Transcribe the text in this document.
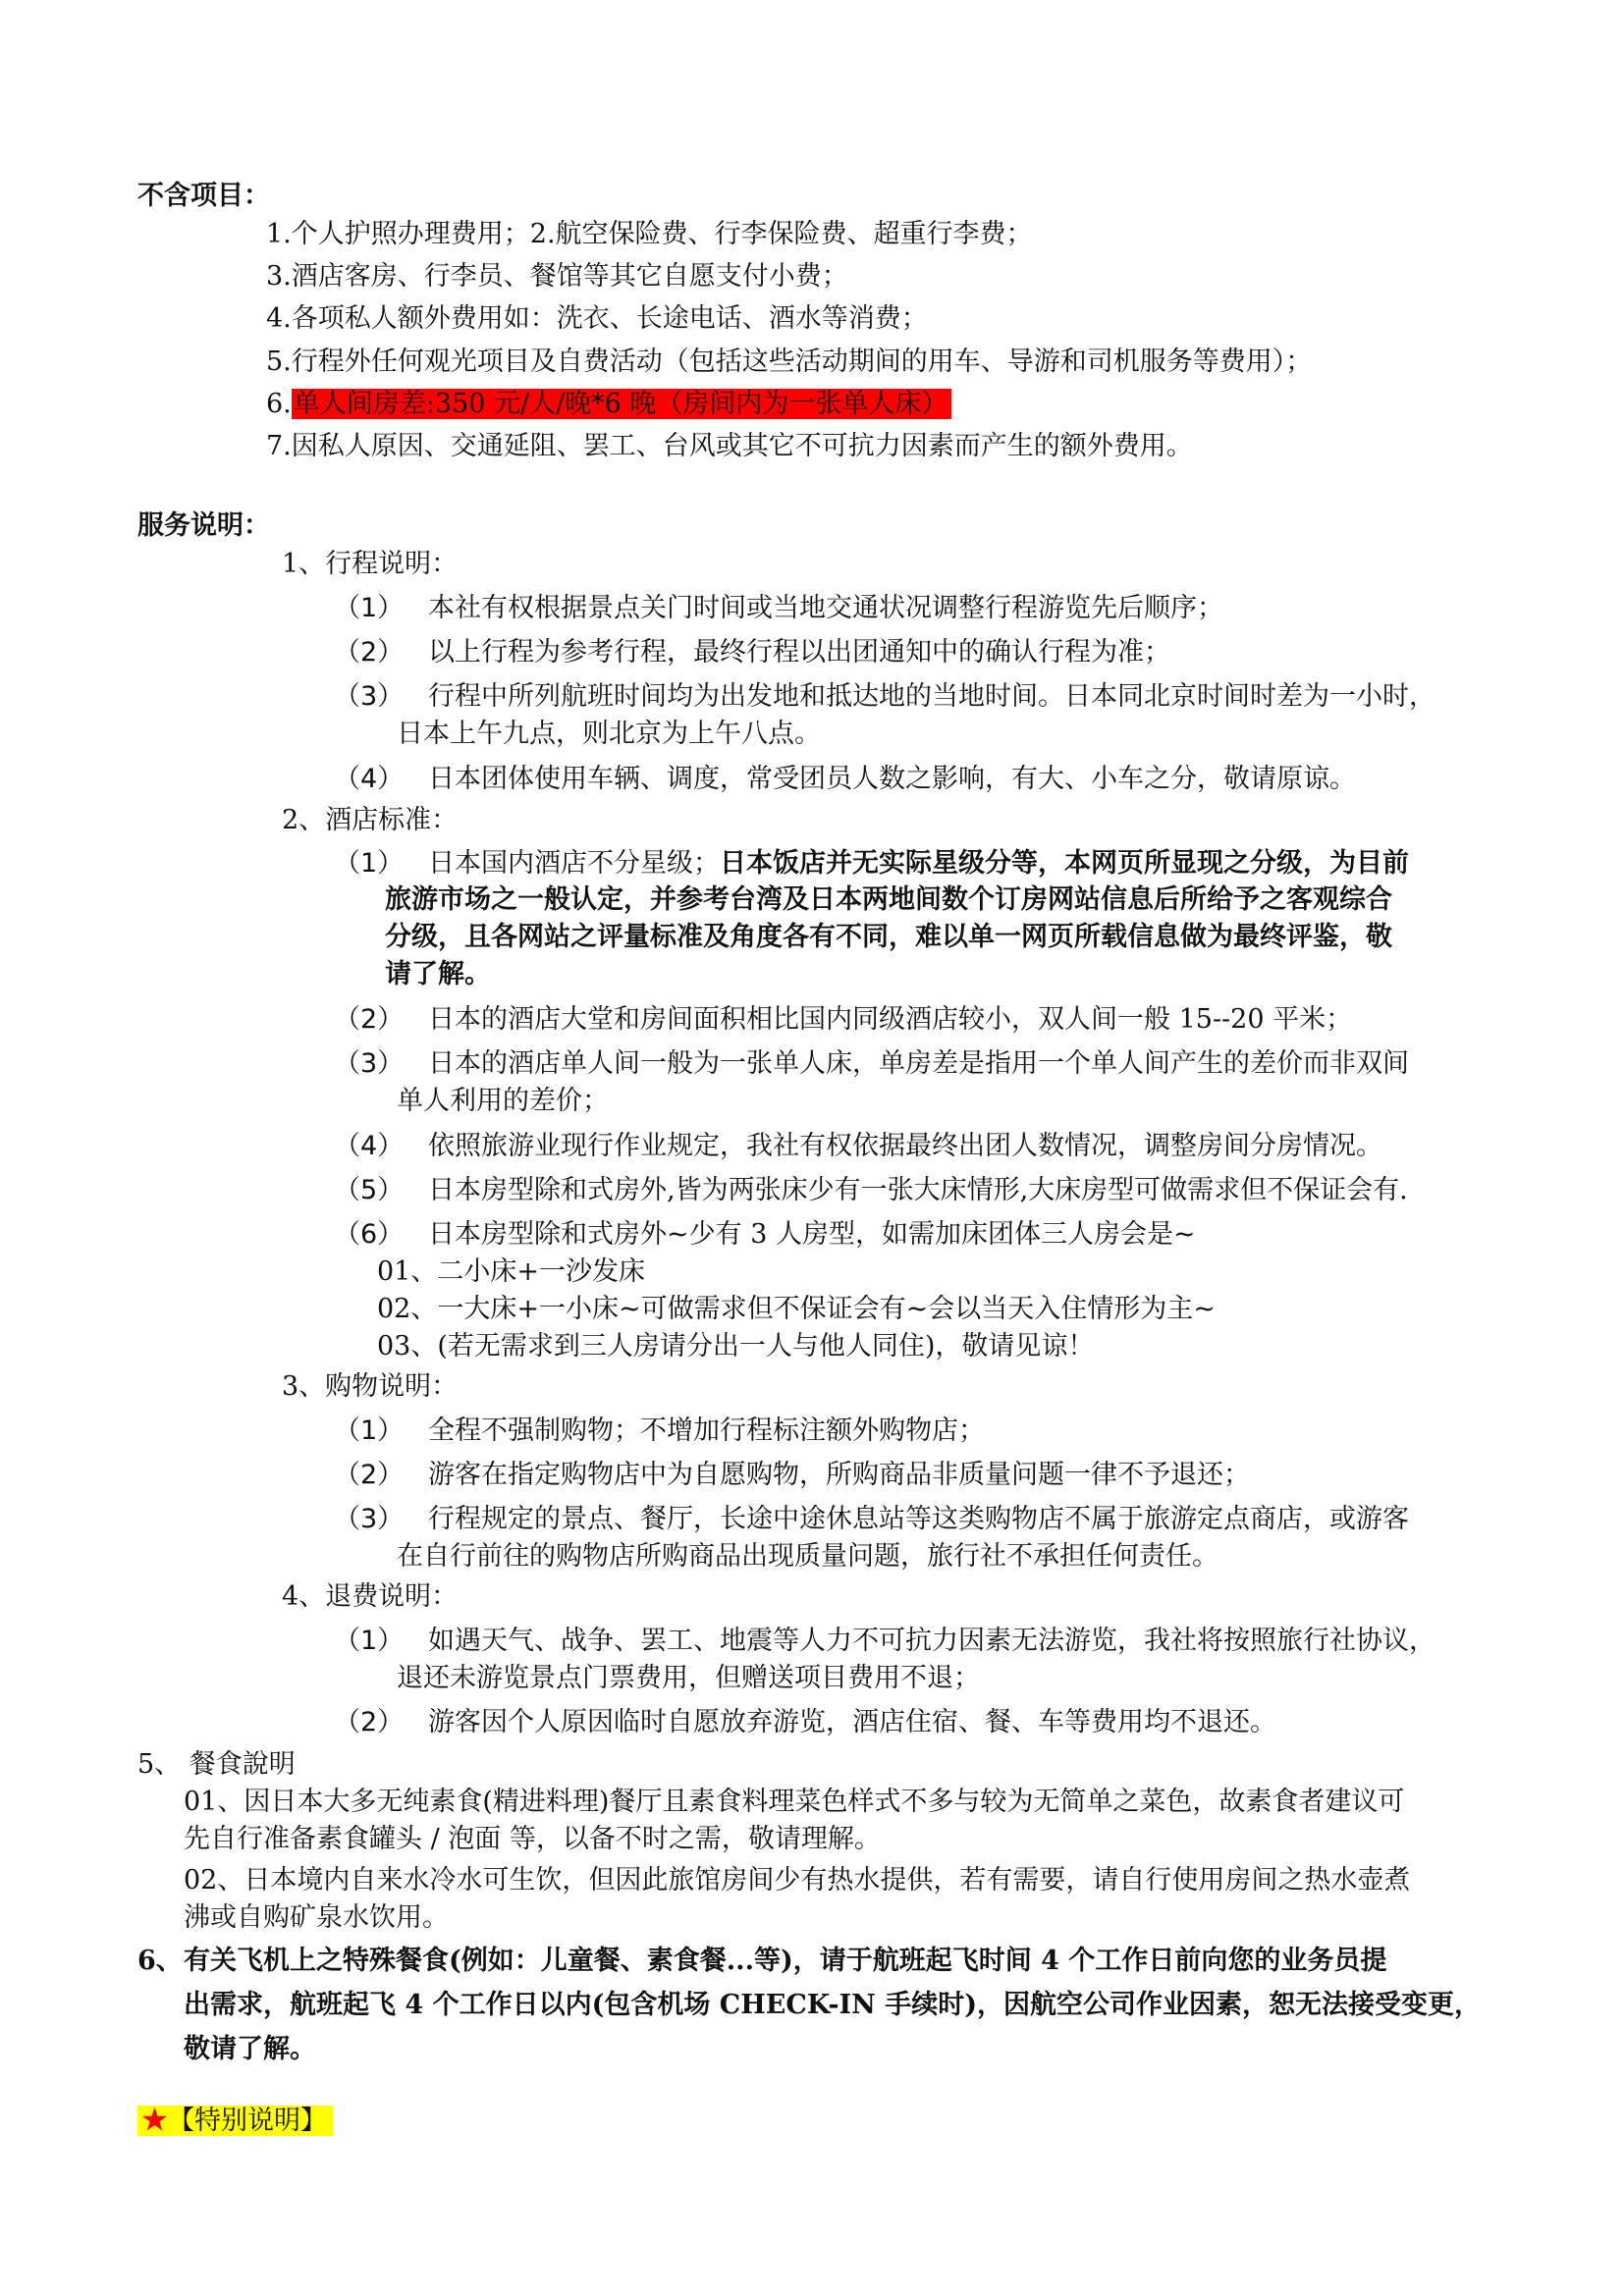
不含项目：
1.个人护照办理费用；2.航空保险费、行李保险费、超重行李费；
3.酒店客房、行李员、餐馆等其它自愿支付小费；
4.各项私人额外费用如：洗衣、长途电话、酒水等消费；
5.行程外任何观光项目及自费活动（包括这些活动期间的用车、导游和司机服务等费用）；
6.单人间房差:350 元/人/晚*6 晚（房间内为一张单人床）
7.因私人原因、交通延阻、罢工、台风或其它不可抗力因素而产生的额外费用。
服务说明：
1、行程说明：
（1） 本社有权根据景点关门时间或当地交通状况调整行程游览先后顺序；
（2） 以上行程为参考行程，最终行程以出团通知中的确认行程为准；
（3） 行程中所列航班时间均为出发地和抵达地的当地时间。日本同北京时间时差为一小时，
日本上午九点，则北京为上午八点。
（4） 日本团体使用车辆、调度，常受团员人数之影响，有大、小车之分，敬请原谅。
2、酒店标准：
（1） 日本国内酒店不分星级；日本饭店并无实际星级分等，本网页所显现之分级，为目前
旅游市场之一般认定，并参考台湾及日本两地间数个订房网站信息后所给予之客观综合
分级，且各网站之评量标准及角度各有不同，难以单一网页所载信息做为最终评鉴，敬
请了解。
（2） 日本的酒店大堂和房间面积相比国内同级酒店较小，双人间一般 15--20 平米；
（3） 日本的酒店单人间一般为一张单人床，单房差是指用一个单人间产生的差价而非双间
单人利用的差价；
（4） 依照旅游业现行作业规定，我社有权依据最终出团人数情况，调整房间分房情况。
（5） 日本房型除和式房外,皆为两张床少有一张大床情形,大床房型可做需求但不保证会有.
（6） 日本房型除和式房外~少有 3 人房型，如需加床团体三人房会是~
01、二小床+一沙发床
02、一大床+一小床~可做需求但不保证会有~会以当天入住情形为主~
03、(若无需求到三人房请分出一人与他人同住)，敬请见谅！
3、购物说明：
（1） 全程不强制购物；不增加行程标注额外购物店；
（2） 游客在指定购物店中为自愿购物，所购商品非质量问题一律不予退还；
（3） 行程规定的景点、餐厅，长途中途休息站等这类购物店不属于旅游定点商店，或游客
在自行前往的购物店所购商品出现质量问题，旅行社不承担任何责任。
4、退费说明：
（1） 如遇天气、战争、罢工、地震等人力不可抗力因素无法游览，我社将按照旅行社协议，
退还未游览景点门票费用，但赠送项目费用不退；
（2） 游客因个人原因临时自愿放弃游览，酒店住宿、餐、车等费用均不退还。
5、 餐食說明
01、因日本大多无纯素食(精进料理)餐厅且素食料理菜色样式不多与较为无简单之菜色，故素食者建议可
先自行准备素食罐头 / 泡面 等，以备不时之需，敬请理解。
02、日本境内自来水冷水可生饮，但因此旅馆房间少有热水提供，若有需要，请自行使用房间之热水壶煮
沸或自购矿泉水饮用。
6、 有关飞机上之特殊餐食(例如：儿童餐、素食餐...等)，请于航班起飞时间 4 个工作日前向您的业务员提
出需求，航班起飞 4 个工作日以内(包含机场 CHECK-IN 手续时)，因航空公司作业因素，恕无法接受变更，
敬请了解。
★【特别说明】
